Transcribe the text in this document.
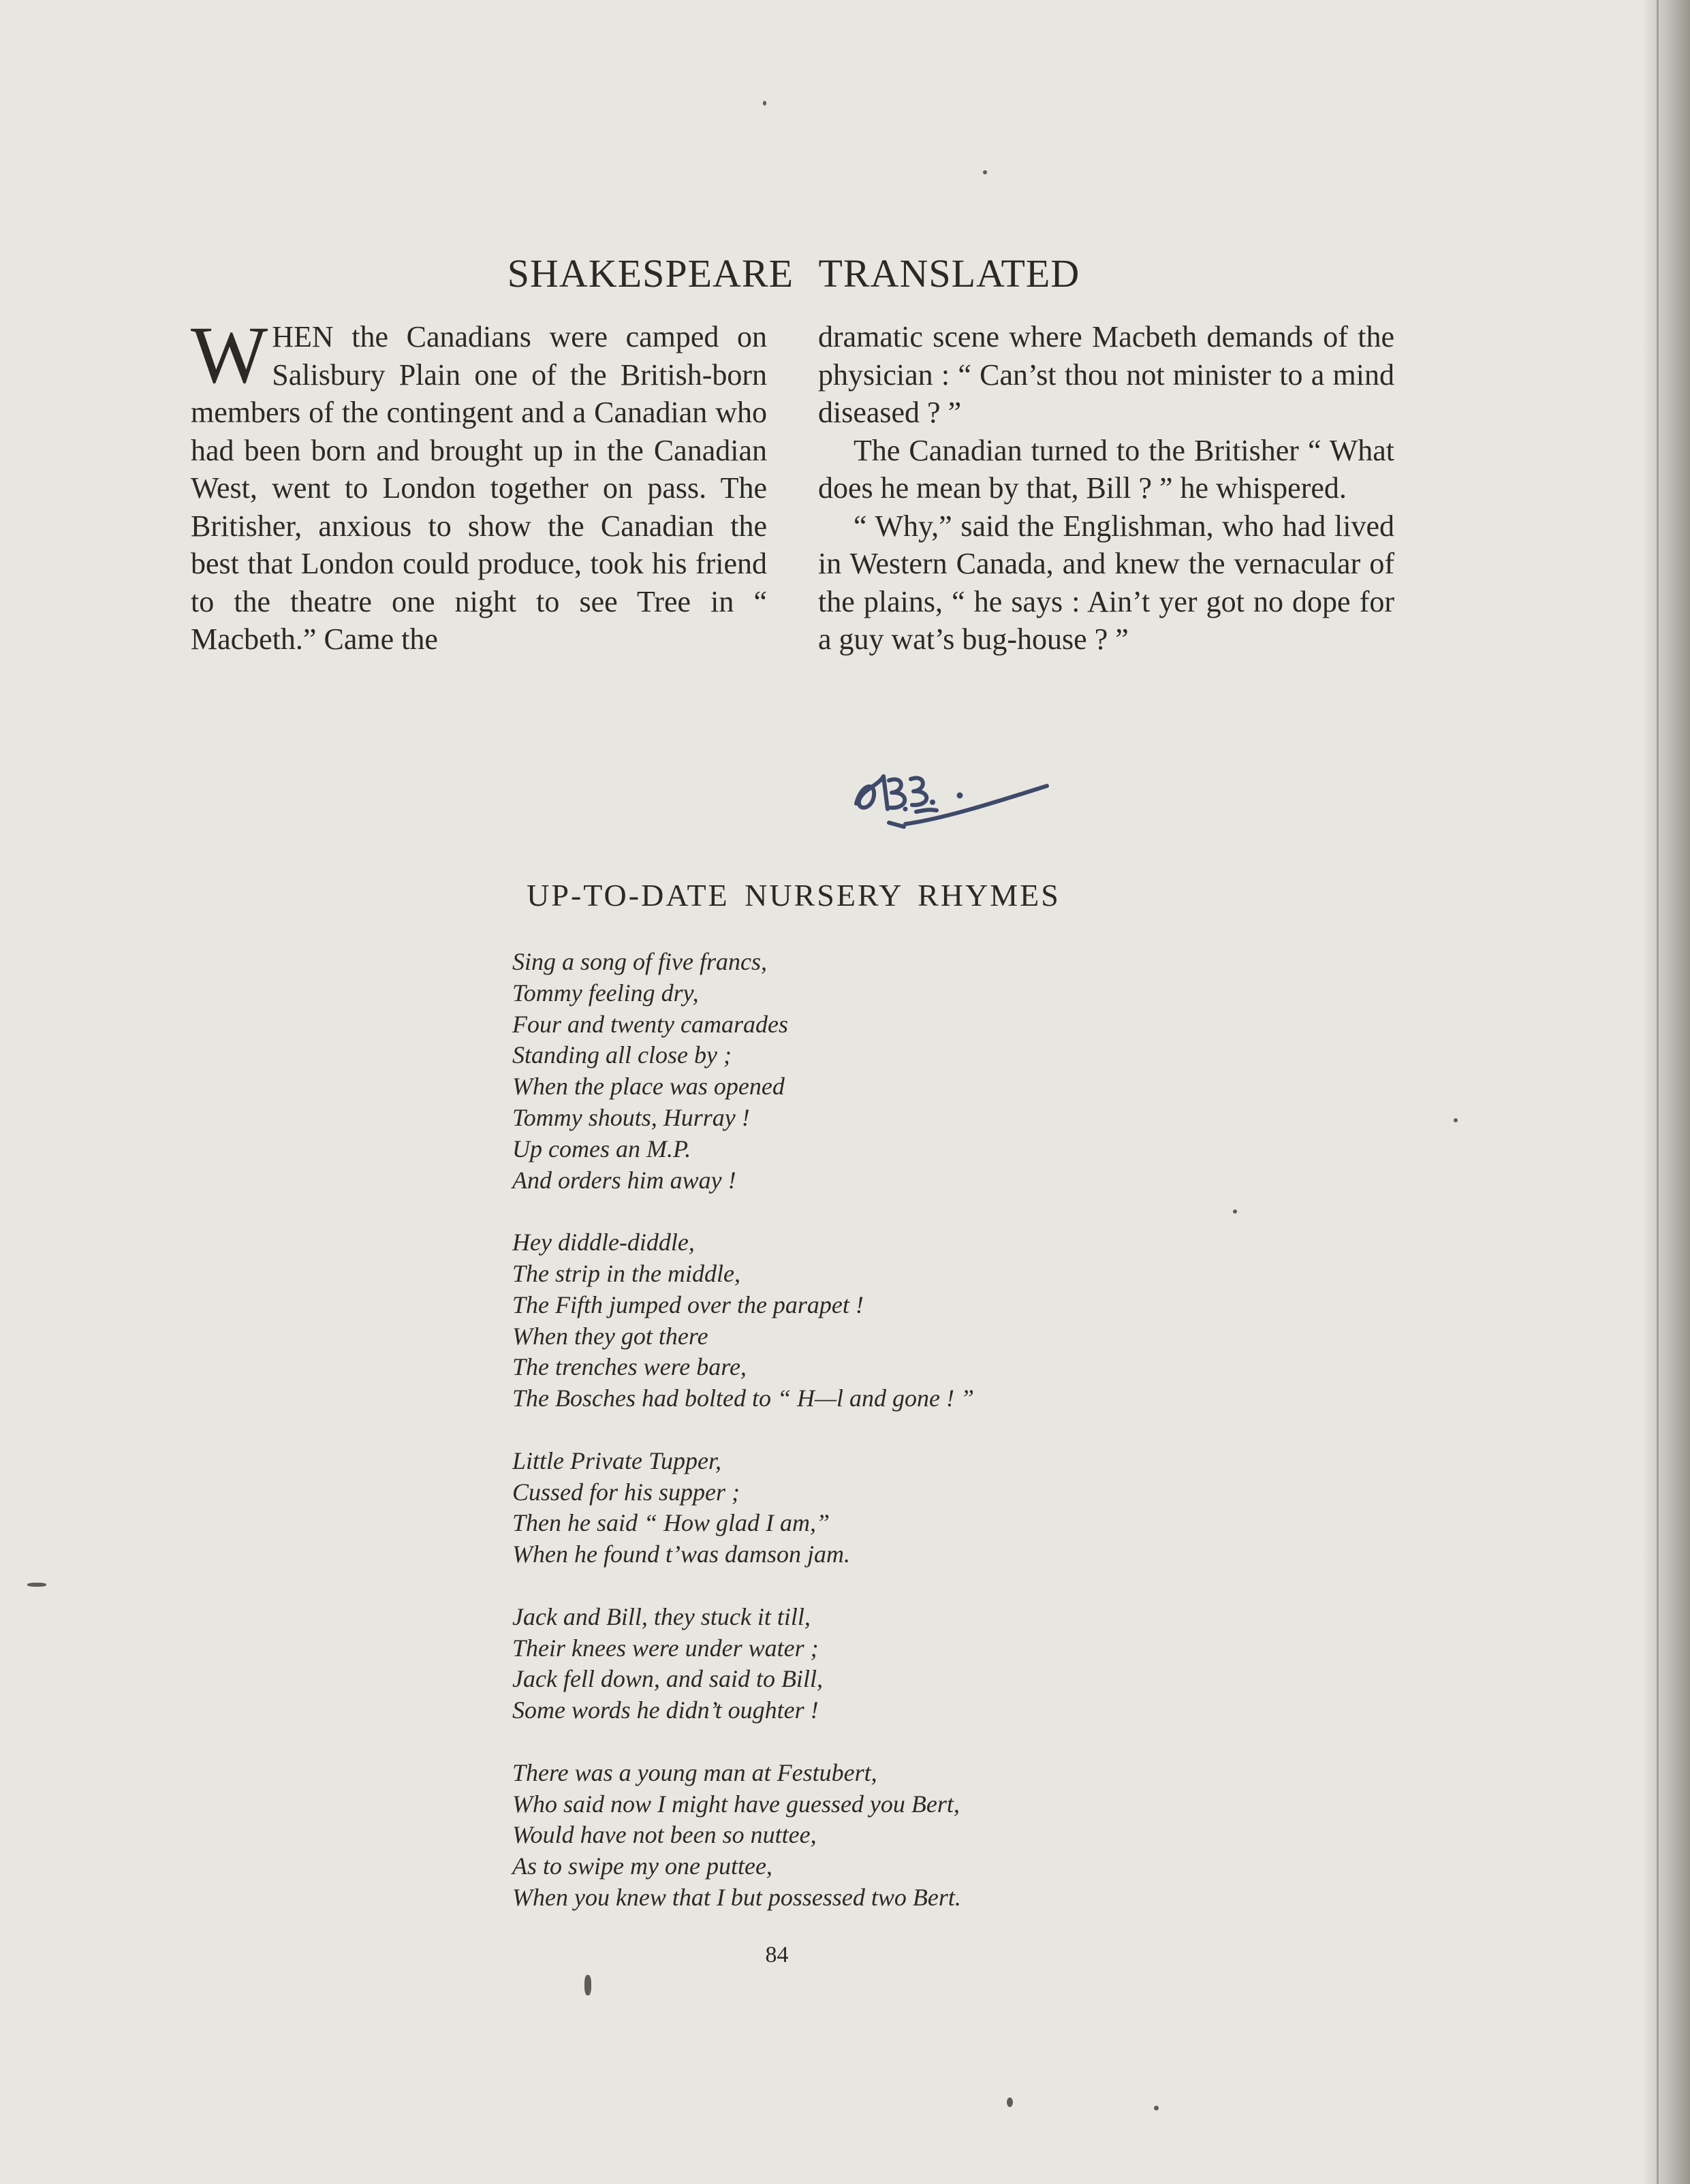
SHAKESPEARE TRANSLATED

WHEN the Canadians were camped on Salisbury Plain one of the British-born members of the contingent and a Canadian who had been born and brought up in the Canadian West, went to London together on pass. The Britisher, anxious to show the Canadian the best that London could produce, took his friend to the theatre one night to see Tree in “ Macbeth.” Came the

dramatic scene where Macbeth demands of the physician : “ Can’st thou not minister to a mind diseased ? ”

The Canadian turned to the Britisher “ What does he mean by that, Bill ? ” he whispered.

“ Why,” said the Englishman, who had lived in Western Canada, and knew the vernacular of the plains, “ he says : Ain’t yer got no dope for a guy wat’s bug-house ? ”

UP-TO-DATE NURSERY RHYMES
Sing a song of five francs,
Tommy feeling dry,
Four and twenty camarades
Standing all close by ;
When the place was opened
Tommy shouts, Hurray !
Up comes an M.P.
And orders him away !
Hey diddle-diddle,
The strip in the middle,
The Fifth jumped over the parapet !
When they got there
The trenches were bare,
The Bosches had bolted to “ H—l and gone ! ”
Little Private Tupper,
Cussed for his supper ;
Then he said “ How glad I am,”
When he found t’was damson jam.
Jack and Bill, they stuck it till,
Their knees were under water ;
Jack fell down, and said to Bill,
Some words he didn’t oughter !
There was a young man at Festubert,
Who said now I might have guessed you Bert,
Would have not been so nuttee,
As to swipe my one puttee,
When you knew that I but possessed two Bert.
84
